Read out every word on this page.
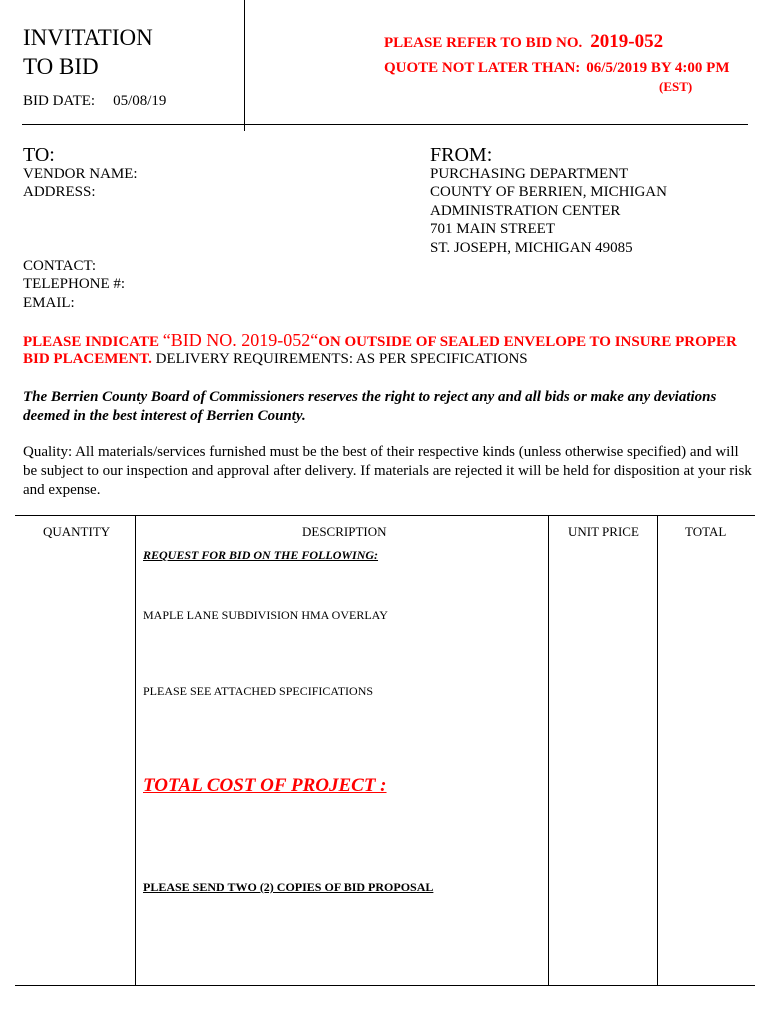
INVITATION
TO BID
BID DATE: 05/08/19
PLEASE REFER TO BID NO. 2019-052
QUOTE NOT LATER THAN: 06/5/2019 BY 4:00 PM
(EST)
TO:
VENDOR NAME:
ADDRESS:
CONTACT:
TELEPHONE #:
EMAIL:
FROM:
PURCHASING DEPARTMENT
COUNTY OF BERRIEN, MICHIGAN
ADMINISTRATION CENTER
701 MAIN STREET
ST. JOSEPH, MICHIGAN 49085
PLEASE INDICATE “BID NO. 2019-052“ON OUTSIDE OF SEALED ENVELOPE TO INSURE PROPER
BID PLACEMENT. DELIVERY REQUIREMENTS: AS PER SPECIFICATIONS
The Berrien County Board of Commissioners reserves the right to reject any and all bids or make any deviations deemed in the best interest of Berrien County.
Quality: All materials/services furnished must be the best of their respective kinds (unless otherwise specified) and will be subject to our inspection and approval after delivery. If materials are rejected it will be held for disposition at your risk and expense.
QUANTITY	DESCRIPTION	UNIT PRICE	TOTAL
REQUEST FOR BID ON THE FOLLOWING:
MAPLE LANE SUBDIVISION HMA OVERLAY
PLEASE SEE ATTACHED SPECIFICATIONS
TOTAL COST OF PROJECT :
PLEASE SEND TWO (2) COPIES OF BID PROPOSAL
